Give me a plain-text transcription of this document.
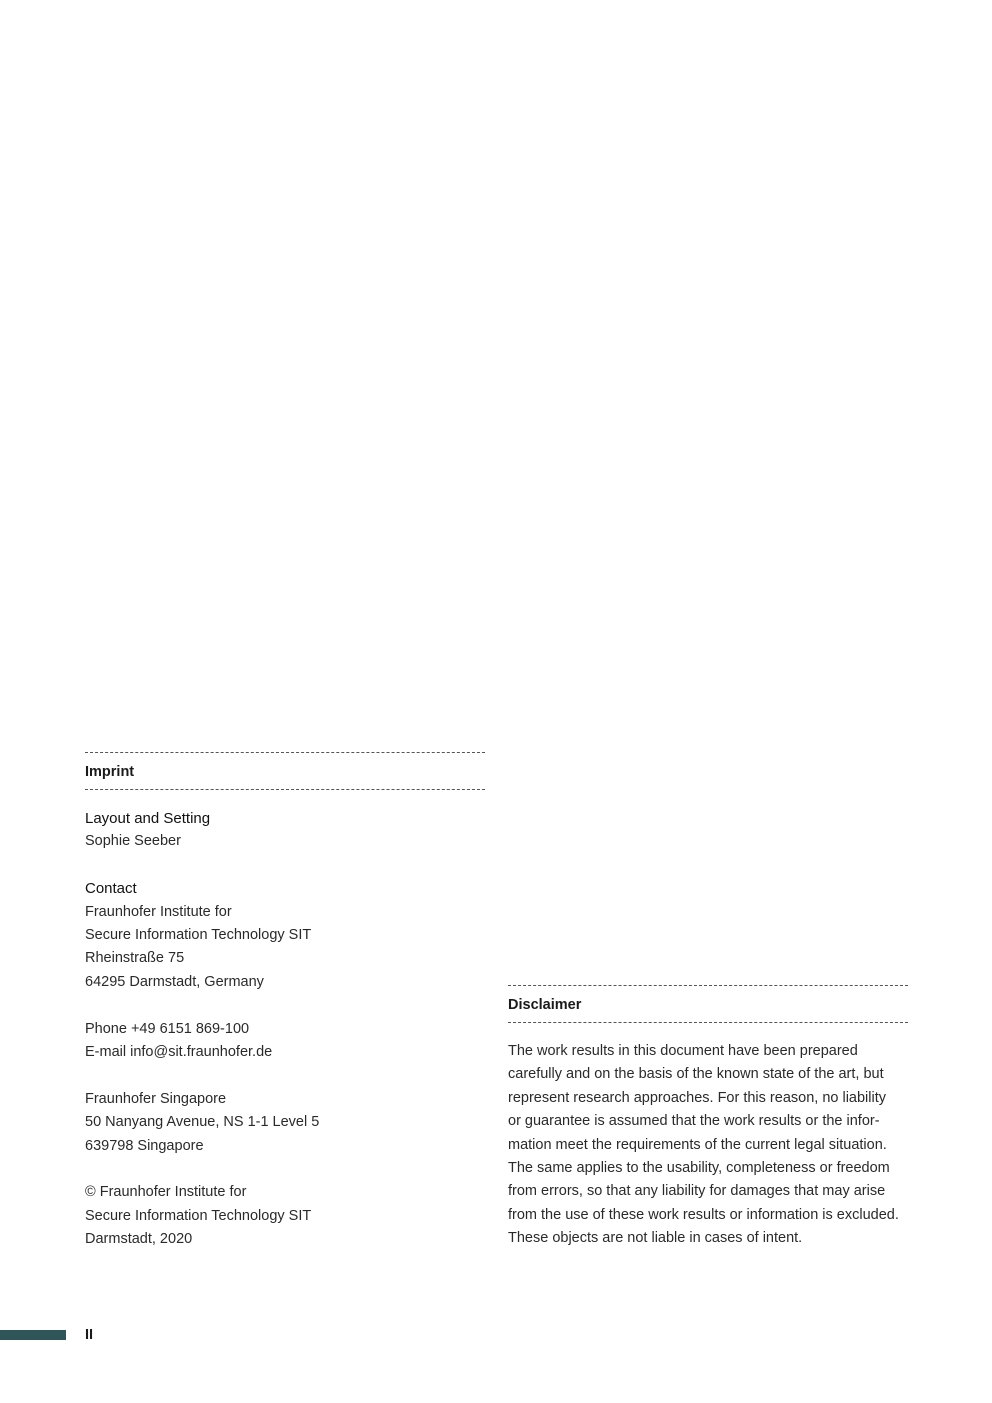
Imprint
Layout and Setting
Sophie Seeber
Contact
Fraunhofer Institute for
Secure Information Technology SIT
Rheinstraße 75
64295 Darmstadt, Germany
Phone +49 6151 869-100
E-mail info@sit.fraunhofer.de
Fraunhofer Singapore
50 Nanyang Avenue, NS 1-1 Level 5
639798 Singapore
© Fraunhofer Institute for
Secure Information Technology SIT
Darmstadt, 2020
Disclaimer
The work results in this document have been prepared
carefully and on the basis of the known state of the art, but
represent research approaches. For this reason, no liability
or guarantee is assumed that the work results or the infor-
mation meet the requirements of the current legal situation.
The same applies to the usability, completeness or freedom
from errors, so that any liability for damages that may arise
from the use of these work results or information is excluded.
These objects are not liable in cases of intent.
II
